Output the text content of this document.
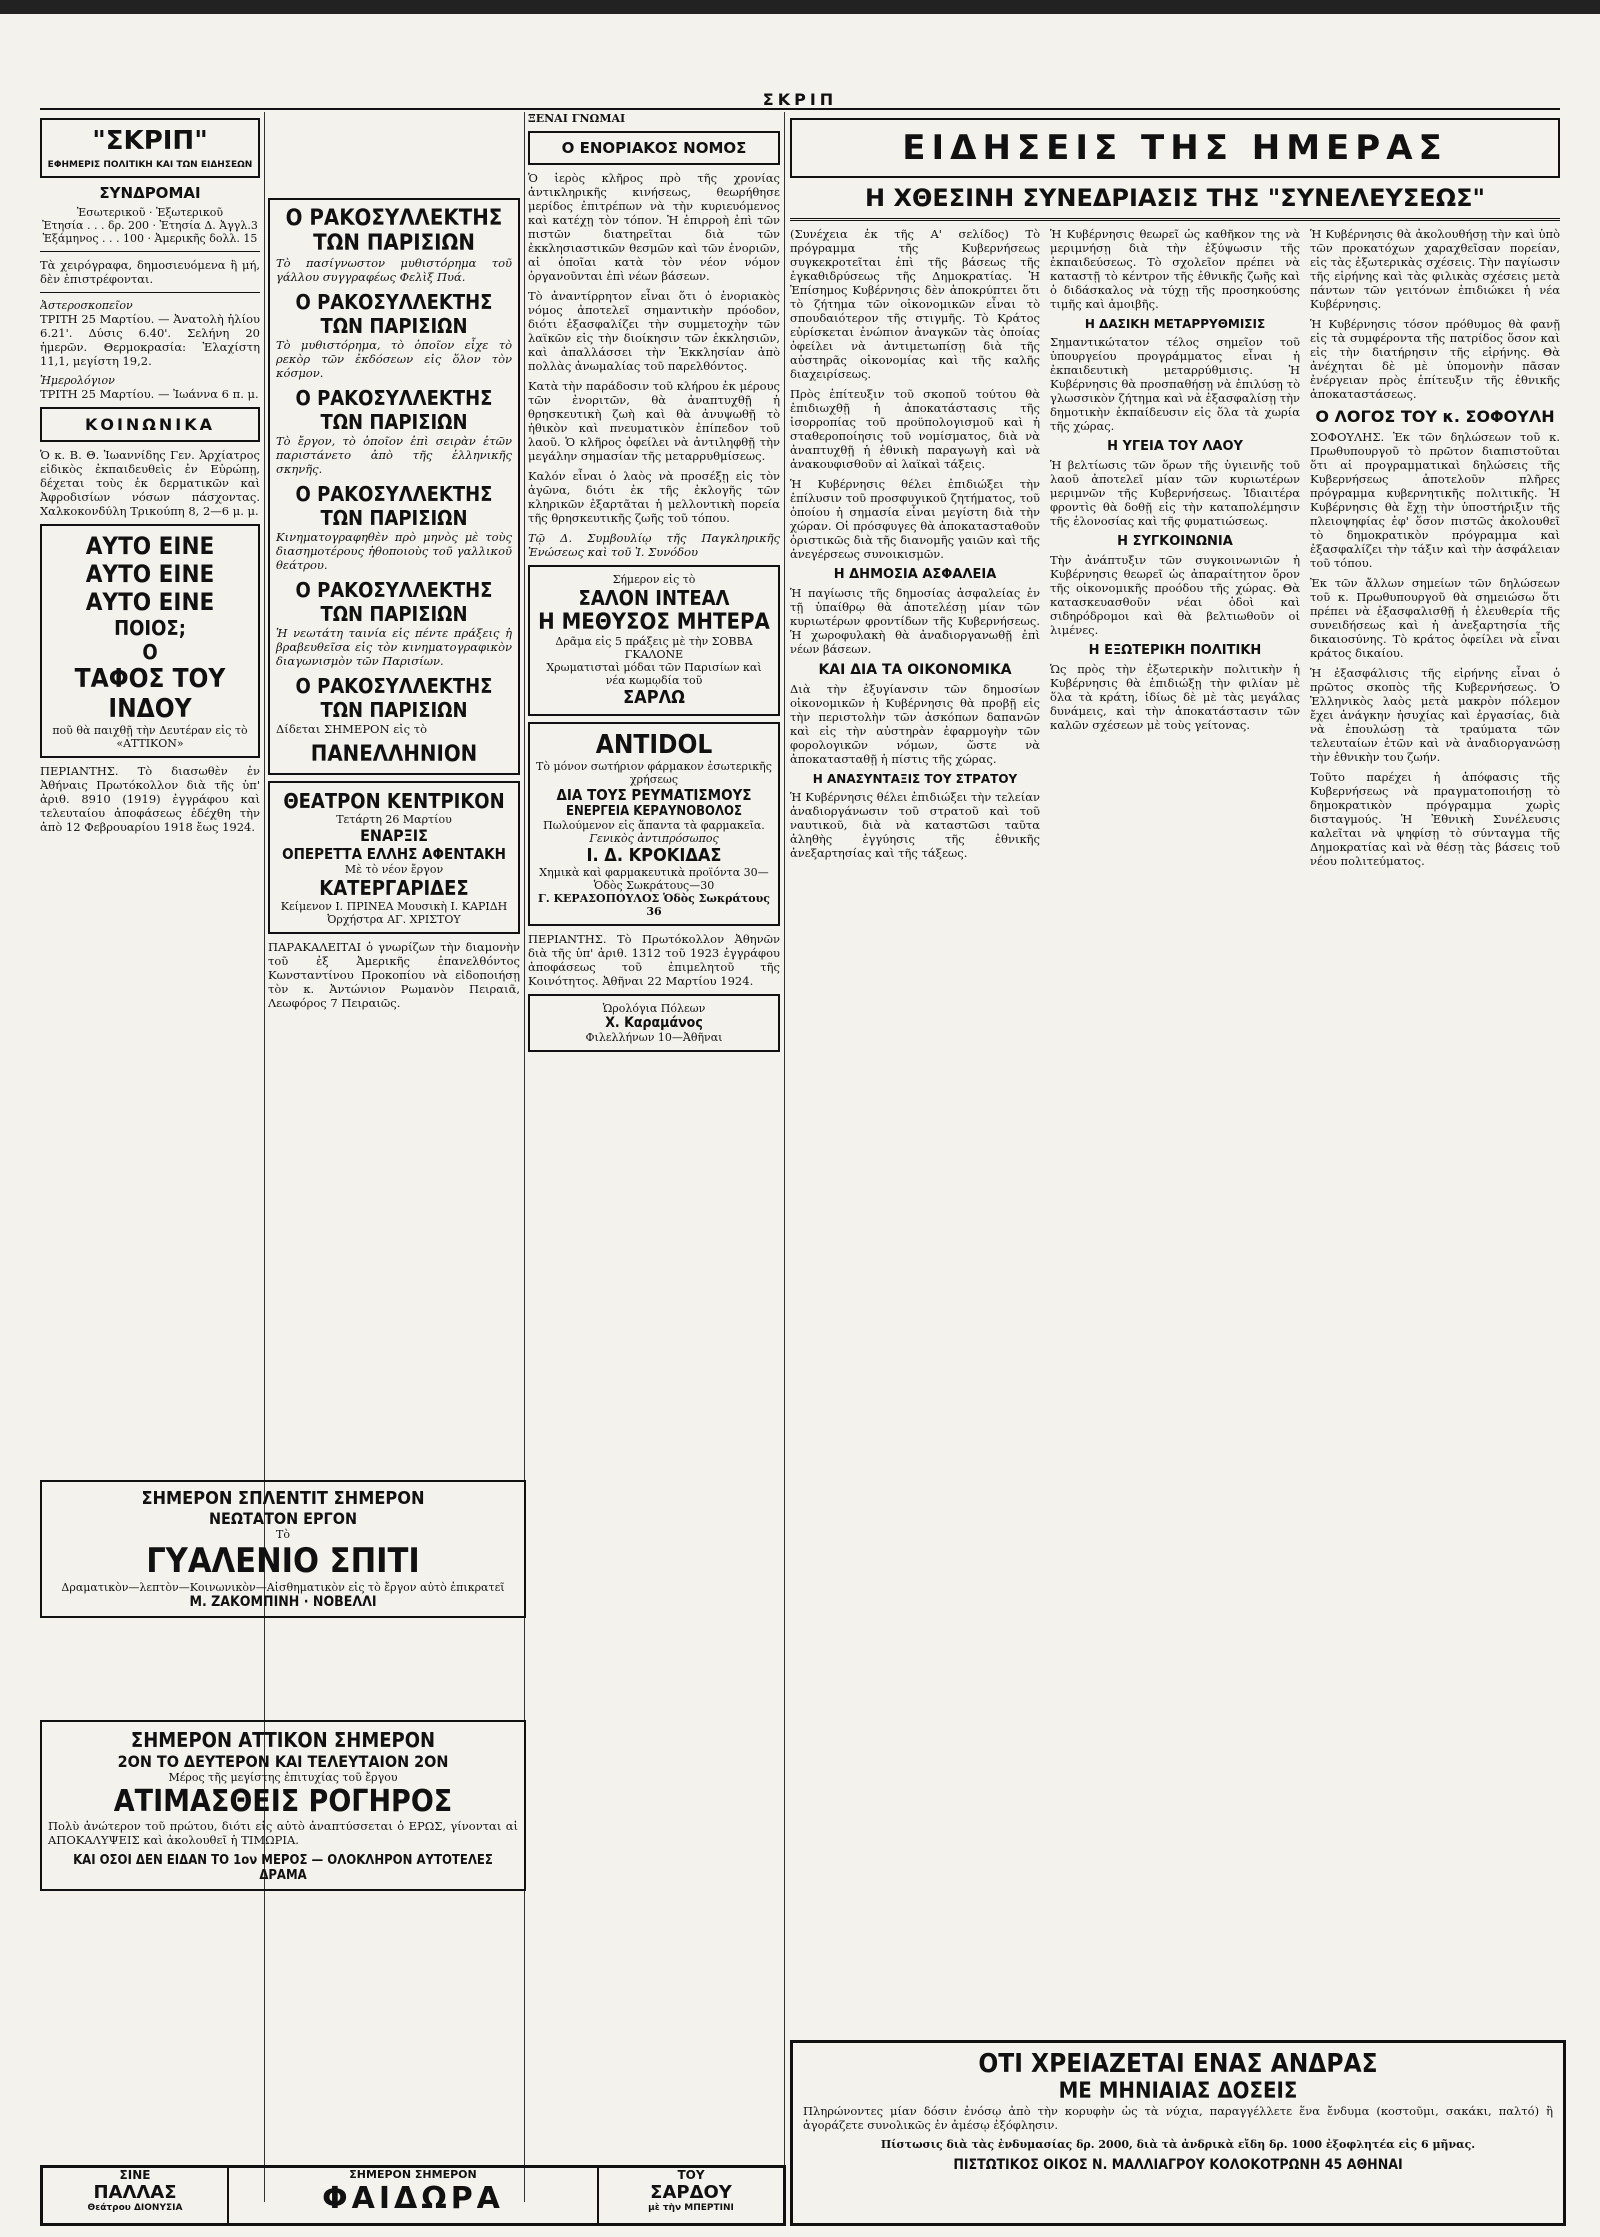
ΣΚΡΙΠ
"ΣΚΡΙΠ"
ΕΦΗΜΕΡΙΣ ΠΟΛΙΤΙΚΗ ΚΑΙ ΤΩΝ ΕΙΔΗΣΕΩΝ
ΣΥΝΔΡΟΜΑΙ
Ἐσωτερικοῦ · Ἐξωτερικοῦ
Ἐτησία . . . δρ. 200 · Ἐτησία Δ. Ἀγγλ.3
Ἑξάμηνος . . . 100 · Ἀμερικῆς δολλ. 15

Τὰ χειρόγραφα, δημοσιευόμενα ἢ μή, δὲν ἐπιστρέφονται.

Ἀστεροσκοπεῖον

ΤΡΙΤΗ 25 Μαρτίου. — Ἀνατολὴ ἡλίου 6.21'. Δύσις 6.40'. Σελήνη 20 ἡμερῶν. Θερμοκρασία: Ἐλαχίστη 11,1, μεγίστη 19,2.

Ἡμερολόγιον

ΤΡΙΤΗ 25 Μαρτίου. — Ἰωάννα 6 π. μ.

ΚΟΙΝΩΝΙΚΑ

Ὁ κ. Β. Θ. Ἰωαννίδης Γεν. Ἀρχίατρος εἰδικὸς ἐκπαιδευθεὶς ἐν Εὐρώπῃ, δέχεται τοὺς ἐκ δερματικῶν καὶ Ἀφροδισίων νόσων πάσχοντας. Χαλκοκονδύλη Τρικούπη 8, 2—6 μ. μ.

ΑΥΤΟ ΕΙΝΕ
ΑΥΤΟ ΕΙΝΕ
ΑΥΤΟ ΕΙΝΕ
ΠΟΙΟΣ;
Ο
ΤΑΦΟΣ ΤΟΥ ΙΝΔΟΥ
ποῦ θὰ παιχθῇ τὴν Δευτέραν εἰς τὸ «ΑΤΤΙΚΟΝ»

ΠΕΡΙΑΝΤΗΣ. Τὸ διασωθὲν ἐν Ἀθήναις Πρωτόκολλον διὰ τῆς ὑπ' ἀριθ. 8910 (1919) ἐγγράφου καὶ τελευταίου ἀποφάσεως ἐδέχθη τὴν ἀπὸ 12 Φεβρουαρίου 1918 ἔως 1924.

Ο ΡΑΚΟΣΥΛΛΕΚΤΗΣ ΤΩΝ ΠΑΡΙΣΙΩΝ

Τὸ πασίγνωστον μυθιστόρημα τοῦ γάλλου συγγραφέως Φελὶξ Πυά.

Ο ΡΑΚΟΣΥΛΛΕΚΤΗΣ ΤΩΝ ΠΑΡΙΣΙΩΝ

Τὸ μυθιστόρημα, τὸ ὁποῖον εἶχε τὸ ρεκὸρ τῶν ἐκδόσεων εἰς ὅλον τὸν κόσμον.

Ο ΡΑΚΟΣΥΛΛΕΚΤΗΣ ΤΩΝ ΠΑΡΙΣΙΩΝ

Τὸ ἔργον, τὸ ὁποῖον ἐπὶ σειρὰν ἐτῶν παριστάνετο ἀπὸ τῆς ἑλληνικῆς σκηνῆς.

Ο ΡΑΚΟΣΥΛΛΕΚΤΗΣ ΤΩΝ ΠΑΡΙΣΙΩΝ

Κινηματογραφηθὲν πρὸ μηνὸς μὲ τοὺς διασημοτέρους ἠθοποιοὺς τοῦ γαλλικοῦ θεάτρου.

Ο ΡΑΚΟΣΥΛΛΕΚΤΗΣ ΤΩΝ ΠΑΡΙΣΙΩΝ

Ἡ νεωτάτη ταινία εἰς πέντε πράξεις ἡ βραβευθεῖσα εἰς τὸν κινηματογραφικὸν διαγωνισμὸν τῶν Παρισίων.

Ο ΡΑΚΟΣΥΛΛΕΚΤΗΣ ΤΩΝ ΠΑΡΙΣΙΩΝ

Δίδεται ΣΗΜΕΡΟΝ εἰς τὸ

ΠΑΝΕΛΛΗΝΙΟΝ
ΘΕΑΤΡΟΝ ΚΕΝΤΡΙΚΟΝ
Τετάρτη 26 Μαρτίου
ΕΝΑΡΞΙΣ
ΟΠΕΡΕΤΤΑ ΕΛΛΗΣ ΑΦΕΝΤΑΚΗ
Μὲ τὸ νέον ἔργον
ΚΑΤΕΡΓΑΡΙΔΕΣ
Κείμενον Ι. ΠΡΙΝΕΑ Μουσικὴ Ι. ΚΑΡΙΔΗ Ὀρχήστρα ΑΓ. ΧΡΙΣΤΟΥ

ΠΑΡΑΚΑΛΕΙΤΑΙ ὁ γνωρίζων τὴν διαμονὴν τοῦ ἐξ Ἀμερικῆς ἐπανελθόντος Κωνσταντίνου Προκοπίου νὰ εἰδοποιήσῃ τὸν κ. Ἀντώνιον Ρωμανὸν Πειραιᾶ, Λεωφόρος 7 Πειραιῶς.

ΞΕΝΑΙ ΓΝΩΜΑΙ
Ο ΕΝΟΡΙΑΚΟΣ ΝΟΜΟΣ

Ὁ ἱερὸς κλῆρος πρὸ τῆς χρονίας ἀντικληρικῆς κινήσεως, θεωρήθησε μερίδος ἐπιτρέπων νὰ τὴν κυριευόμενος καὶ κατέχῃ τὸν τόπον. Ἡ ἐπιρροὴ ἐπὶ τῶν πιστῶν διατηρεῖται διὰ τῶν ἐκκλησιαστικῶν θεσμῶν καὶ τῶν ἐνοριῶν, αἱ ὁποῖαι κατὰ τὸν νέον νόμον ὀργανοῦνται ἐπὶ νέων βάσεων.

Τὸ ἀναντίρρητον εἶναι ὅτι ὁ ἐνοριακὸς νόμος ἀποτελεῖ σημαντικὴν πρόοδον, διότι ἐξασφαλίζει τὴν συμμετοχὴν τῶν λαϊκῶν εἰς τὴν διοίκησιν τῶν ἐκκλησιῶν, καὶ ἀπαλλάσσει τὴν Ἐκκλησίαν ἀπὸ πολλὰς ἀνωμαλίας τοῦ παρελθόντος.

Κατὰ τὴν παράδοσιν τοῦ κλήρου ἐκ μέρους τῶν ἐνοριτῶν, θὰ ἀναπτυχθῇ ἡ θρησκευτικὴ ζωὴ καὶ θὰ ἀνυψωθῇ τὸ ἠθικὸν καὶ πνευματικὸν ἐπίπεδον τοῦ λαοῦ. Ὁ κλῆρος ὀφείλει νὰ ἀντιληφθῇ τὴν μεγάλην σημασίαν τῆς μεταρρυθμίσεως.

Καλόν εἶναι ὁ λαὸς νὰ προσέξῃ εἰς τὸν ἀγῶνα, διότι ἐκ τῆς ἐκλογῆς τῶν κληρικῶν ἐξαρτᾶται ἡ μελλοντικὴ πορεία τῆς θρησκευτικῆς ζωῆς τοῦ τόπου.

Τῷ Δ. Συμβουλίῳ τῆς Παγκληρικῆς Ἑνώσεως καὶ τοῦ Ἱ. Συνόδου

Σήμερον εἰς τὸ
ΣΑΛΟΝ ΙΝΤΕΑΛ
Η ΜΕΘΥΣΟΣ ΜΗΤΕΡΑ
Δρᾶμα εἰς 5 πράξεις μὲ τὴν ΣΟΒΒΑ ΓΚΑΛΟΝΕ
Χρωματισταὶ μόδαι τῶν Παρισίων καὶ νέα κωμῳδία τοῦ
ΣΑΡΛΩ
ANTIDOL
Τὸ μόνον σωτήριον φάρμακον ἐσωτερικῆς χρήσεως
ΔΙΑ ΤΟΥΣ ΡΕΥΜΑΤΙΣΜΟΥΣ
ΕΝΕΡΓΕΙΑ ΚΕΡΑΥΝΟΒΟΛΟΣ
Πωλούμενον εἰς ἅπαντα τὰ φαρμακεῖα.
Γενικὸς ἀντιπρόσωπος
Ι. Δ. ΚΡΟΚΙΔΑΣ
Χημικὰ καὶ φαρμακευτικὰ προϊόντα 30—Ὁδὸς Σωκράτους—30
Γ. ΚΕΡΑΣΟΠΟΥΛΟΣ Ὁδὸς Σωκράτους 36

ΠΕΡΙΑΝΤΗΣ. Τὸ Πρωτόκολλον Ἀθηνῶν διὰ τῆς ὑπ' ἀριθ. 1312 τοῦ 1923 ἐγγράφου ἀποφάσεως τοῦ ἐπιμελητοῦ τῆς Κοινότητος. Ἀθῆναι 22 Μαρτίου 1924.

Ὡρολόγια Πόλεων
Χ. Καραμάνος
Φιλελλήνων 10—Ἀθῆναι
ΕΙΔΗΣΕΙΣ ΤΗΣ ΗΜΕΡΑΣ
Η ΧΘΕΣΙΝΗ ΣΥΝΕΔΡΙΑΣΙΣ ΤΗΣ "ΣΥΝΕΛΕΥΣΕΩΣ"

(Συνέχεια ἐκ τῆς Α' σελίδος) Τὸ πρόγραμμα τῆς Κυβερνήσεως συγκεκροτεῖται ἐπὶ τῆς βάσεως τῆς ἐγκαθιδρύσεως τῆς Δημοκρατίας. Ἡ Ἐπίσημος Κυβέρνησις δὲν ἀποκρύπτει ὅτι τὸ ζήτημα τῶν οἰκονομικῶν εἶναι τὸ σπουδαιότερον τῆς στιγμῆς. Τὸ Κράτος εὑρίσκεται ἐνώπιον ἀναγκῶν τὰς ὁποίας ὀφείλει νὰ ἀντιμετωπίσῃ διὰ τῆς αὐστηρᾶς οἰκονομίας καὶ τῆς καλῆς διαχειρίσεως.

Πρὸς ἐπίτευξιν τοῦ σκοποῦ τούτου θὰ ἐπιδιωχθῇ ἡ ἀποκατάστασις τῆς ἰσορροπίας τοῦ προϋπολογισμοῦ καὶ ἡ σταθεροποίησις τοῦ νομίσματος, διὰ νὰ ἀναπτυχθῇ ἡ ἐθνικὴ παραγωγὴ καὶ νὰ ἀνακουφισθοῦν αἱ λαϊκαὶ τάξεις.

Ἡ Κυβέρνησις θέλει ἐπιδιώξει τὴν ἐπίλυσιν τοῦ προσφυγικοῦ ζητήματος, τοῦ ὁποίου ἡ σημασία εἶναι μεγίστη διὰ τὴν χώραν. Οἱ πρόσφυγες θὰ ἀποκατασταθοῦν ὁριστικῶς διὰ τῆς διανομῆς γαιῶν καὶ τῆς ἀνεγέρσεως συνοικισμῶν.

Η ΔΗΜΟΣΙΑ ΑΣΦΑΛΕΙΑ

Ἡ παγίωσις τῆς δημοσίας ἀσφαλείας ἐν τῇ ὑπαίθρῳ θὰ ἀποτελέσῃ μίαν τῶν κυριωτέρων φροντίδων τῆς Κυβερνήσεως. Ἡ χωροφυλακὴ θὰ ἀναδιοργανωθῇ ἐπὶ νέων βάσεων.

ΚΑΙ ΔΙΑ ΤΑ ΟΙΚΟΝΟΜΙΚΑ

Διὰ τὴν ἐξυγίανσιν τῶν δημοσίων οἰκονομικῶν ἡ Κυβέρνησις θὰ προβῇ εἰς τὴν περιστολὴν τῶν ἀσκόπων δαπανῶν καὶ εἰς τὴν αὐστηρὰν ἐφαρμογὴν τῶν φορολογικῶν νόμων, ὥστε νὰ ἀποκατασταθῇ ἡ πίστις τῆς χώρας.

Η ΑΝΑΣΥΝΤΑΞΙΣ ΤΟΥ ΣΤΡΑΤΟΥ

Ἡ Κυβέρνησις θέλει ἐπιδιώξει τὴν τελείαν ἀναδιοργάνωσιν τοῦ στρατοῦ καὶ τοῦ ναυτικοῦ, διὰ νὰ καταστῶσι ταῦτα ἀληθὴς ἐγγύησις τῆς ἐθνικῆς ἀνεξαρτησίας καὶ τῆς τάξεως.

Ἡ Κυβέρνησις θεωρεῖ ὡς καθῆκον της νὰ μεριμνήσῃ διὰ τὴν ἐξύψωσιν τῆς ἐκπαιδεύσεως. Τὸ σχολεῖον πρέπει νὰ καταστῇ τὸ κέντρον τῆς ἐθνικῆς ζωῆς καὶ ὁ διδάσκαλος νὰ τύχῃ τῆς προσηκούσης τιμῆς καὶ ἀμοιβῆς.

Η ΔΑΣΙΚΗ ΜΕΤΑΡΡΥΘΜΙΣΙΣ

Σημαντικώτατον τέλος σημεῖον τοῦ ὑπουργείου προγράμματος εἶναι ἡ ἐκπαιδευτικὴ μεταρρύθμισις. Ἡ Κυβέρνησις θὰ προσπαθήσῃ νὰ ἐπιλύσῃ τὸ γλωσσικὸν ζήτημα καὶ νὰ ἐξασφαλίσῃ τὴν δημοτικὴν ἐκπαίδευσιν εἰς ὅλα τὰ χωρία τῆς χώρας.

Η ΥΓΕΙΑ ΤΟΥ ΛΑΟΥ

Ἡ βελτίωσις τῶν ὅρων τῆς ὑγιεινῆς τοῦ λαοῦ ἀποτελεῖ μίαν τῶν κυριωτέρων μεριμνῶν τῆς Κυβερνήσεως. Ἰδιαιτέρα φροντὶς θὰ δοθῇ εἰς τὴν καταπολέμησιν τῆς ἑλονοσίας καὶ τῆς φυματιώσεως.

Η ΣΥΓΚΟΙΝΩΝΙΑ

Τὴν ἀνάπτυξιν τῶν συγκοινωνιῶν ἡ Κυβέρνησις θεωρεῖ ὡς ἀπαραίτητον ὅρον τῆς οἰκονομικῆς προόδου τῆς χώρας. Θὰ κατασκευασθοῦν νέαι ὁδοὶ καὶ σιδηρόδρομοι καὶ θὰ βελτιωθοῦν οἱ λιμένες.

Η ΕΞΩΤΕΡΙΚΗ ΠΟΛΙΤΙΚΗ

Ὡς πρὸς τὴν ἐξωτερικὴν πολιτικὴν ἡ Κυβέρνησις θὰ ἐπιδιώξῃ τὴν φιλίαν μὲ ὅλα τὰ κράτη, ἰδίως δὲ μὲ τὰς μεγάλας δυνάμεις, καὶ τὴν ἀποκατάστασιν τῶν καλῶν σχέσεων μὲ τοὺς γείτονας.

Ἡ Κυβέρνησις θὰ ἀκολουθήσῃ τὴν καὶ ὑπὸ τῶν προκατόχων χαραχθεῖσαν πορείαν, εἰς τὰς ἐξωτερικὰς σχέσεις. Τὴν παγίωσιν τῆς εἰρήνης καὶ τὰς φιλικὰς σχέσεις μετὰ πάντων τῶν γειτόνων ἐπιδιώκει ἡ νέα Κυβέρνησις.

Ἡ Κυβέρνησις τόσον πρόθυμος θὰ φανῇ εἰς τὰ συμφέροντα τῆς πατρίδος ὅσον καὶ εἰς τὴν διατήρησιν τῆς εἰρήνης. Θὰ ἀνέχηται δὲ μὲ ὑπομονὴν πᾶσαν ἐνέργειαν πρὸς ἐπίτευξιν τῆς ἐθνικῆς ἀποκαταστάσεως.

Ο ΛΟΓΟΣ ΤΟΥ κ. ΣΟΦΟΥΛΗ

ΣΟΦΟΥΛΗΣ. Ἐκ τῶν δηλώσεων τοῦ κ. Πρωθυπουργοῦ τὸ πρῶτον διαπιστοῦται ὅτι αἱ προγραμματικαὶ δηλώσεις τῆς Κυβερνήσεως ἀποτελοῦν πλῆρες πρόγραμμα κυβερνητικῆς πολιτικῆς. Ἡ Κυβέρνησις θὰ ἔχῃ τὴν ὑποστήριξιν τῆς πλειοψηφίας ἐφ' ὅσον πιστῶς ἀκολουθεῖ τὸ δημοκρατικὸν πρόγραμμα καὶ ἐξασφαλίζει τὴν τάξιν καὶ τὴν ἀσφάλειαν τοῦ τόπου.

Ἐκ τῶν ἄλλων σημείων τῶν δηλώσεων τοῦ κ. Πρωθυπουργοῦ θὰ σημειώσω ὅτι πρέπει νὰ ἐξασφαλισθῇ ἡ ἐλευθερία τῆς συνειδήσεως καὶ ἡ ἀνεξαρτησία τῆς δικαιοσύνης. Τὸ κράτος ὀφείλει νὰ εἶναι κράτος δικαίου.

Ἡ ἐξασφάλισις τῆς εἰρήνης εἶναι ὁ πρῶτος σκοπὸς τῆς Κυβερνήσεως. Ὁ Ἑλληνικὸς λαὸς μετὰ μακρὸν πόλεμον ἔχει ἀνάγκην ἡσυχίας καὶ ἐργασίας, διὰ νὰ ἐπουλώσῃ τὰ τραύματα τῶν τελευταίων ἐτῶν καὶ νὰ ἀναδιοργανώσῃ τὴν ἐθνικὴν του ζωήν.

Τοῦτο παρέχει ἡ ἀπόφασις τῆς Κυβερνήσεως νὰ πραγματοποιήσῃ τὸ δημοκρατικὸν πρόγραμμα χωρὶς δισταγμούς. Ἡ Ἐθνικὴ Συνέλευσις καλεῖται νὰ ψηφίσῃ τὸ σύνταγμα τῆς Δημοκρατίας καὶ νὰ θέσῃ τὰς βάσεις τοῦ νέου πολιτεύματος.

ΟΤΙ ΧΡΕΙΑΖΕΤΑΙ ΕΝΑΣ ΑΝΔΡΑΣ
ΜΕ ΜΗΝΙΑΙΑΣ ΔΟΣΕΙΣ

Πληρώνοντες μίαν δόσιν ἐνόσῳ ἀπὸ τὴν κορυφὴν ὡς τὰ νύχια, παραγγέλλετε ἕνα ἔνδυμα (κοστοῦμι, σακάκι, παλτό) ἢ ἀγοράζετε συνολικῶς ἐν ἀμέσῳ ἐξόφλησιν.

Πίστωσις διὰ τὰς ἐνδυμασίας δρ. 2000, διὰ τὰ ἀνδρικὰ εἴδη δρ. 1000 ἐξοφλητέα εἰς 6 μῆνας.
ΠΙΣΤΩΤΙΚΟΣ ΟΙΚΟΣ Ν. ΜΑΛΛΙΑΓΡΟΥ ΚΟΛΟΚΟΤΡΩΝΗ 45 ΑΘΗΝΑΙ
ΣΙΝΕ
ΠΑΛΛΑΣ
Θεάτρου ΔΙΟΝΥΣΙΑ
ΣΗΜΕΡΟΝ ΣΗΜΕΡΟΝ
ΦΑΙΔΩΡΑ
ΤΟΥ
ΣΑΡΔΟΥ
μὲ τὴν ΜΠΕΡΤΙΝΙ
ΣΗΜΕΡΟΝ ΣΠΛΕΝΤΙΤ ΣΗΜΕΡΟΝ
ΝΕΩΤΑΤΟΝ ΕΡΓΟΝ
Τὸ
ΓΥΑΛΕΝΙΟ ΣΠΙΤΙ
Δραματικὸν—λεπτὸν—Κοινωνικὸν—Αἰσθηματικὸν εἰς τὸ ἔργον αὐτὸ ἐπικρατεῖ
Μ. ΖΑΚΟΜΠΙΝΗ · ΝΟΒΕΛΛΙ
ΣΗΜΕΡΟΝ ΑΤΤΙΚΟΝ ΣΗΜΕΡΟΝ
2ΟΝ ΤΟ ΔΕΥΤΕΡΟΝ ΚΑΙ ΤΕΛΕΥΤΑΙΟΝ 2ΟΝ
Μέρος τῆς μεγίστης ἐπιτυχίας τοῦ ἔργου
ΑΤΙΜΑΣΘΕΙΣ ΡΟΓΗΡΟΣ

Πολὺ ἀνώτερον τοῦ πρώτου, διότι εἰς αὐτὸ ἀναπτύσσεται ὁ ΕΡΩΣ, γίνονται αἱ ΑΠΟΚΑΛΥΨΕΙΣ καὶ ἀκολουθεῖ ἡ ΤΙΜΩΡΙΑ.

ΚΑΙ ΟΣΟΙ ΔΕΝ ΕΙΔΑΝ ΤΟ 1ον ΜΕΡΟΣ — ΟΛΟΚΛΗΡΟΝ ΑΥΤΟΤΕΛΕΣ ΔΡΑΜΑ
